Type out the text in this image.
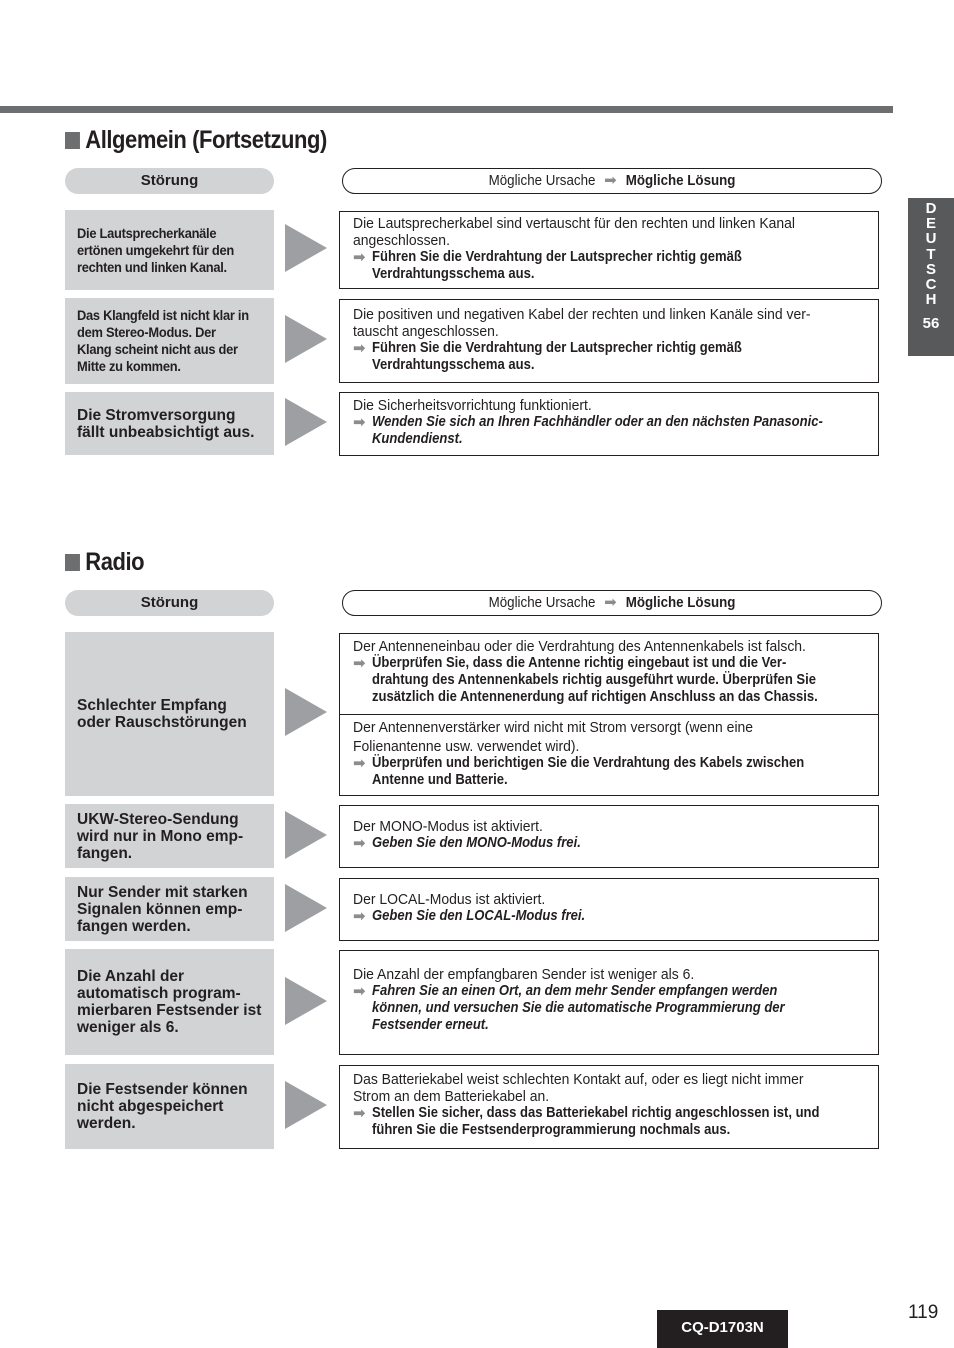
Allgemein (Fortsetzung)
Störung	Mögliche Ursache ➡ Mögliche Lösung
Die Lautsprecherkanäle ertönen umgekehrt für den rechten und linken Kanal.
Die Lautsprecherkabel sind vertauscht für den rechten und linken Kanal
angeschlossen.
➡ Führen Sie die Verdrahtung der Lautsprecher richtig gemäß
Verdrahtungsschema aus.
Das Klangfeld ist nicht klar in dem Stereo-Modus. Der Klang scheint nicht aus der Mitte zu kommen.
Die positiven und negativen Kabel der rechten und linken Kanäle sind ver-
tauscht angeschlossen.
➡ Führen Sie die Verdrahtung der Lautsprecher richtig gemäß
Verdrahtungsschema aus.
Die Stromversorgung fällt unbeabsichtigt aus.
Die Sicherheitsvorrichtung funktioniert.
➡ Wenden Sie sich an Ihren Fachhändler oder an den nächsten Panasonic-
Kundendienst.
Radio
Störung	Mögliche Ursache ➡ Mögliche Lösung
Schlechter Empfang oder Rauschstörungen
Der Antenneneinbau oder die Verdrahtung des Antennenkabels ist falsch.
➡ Überprüfen Sie, dass die Antenne richtig eingebaut ist und die Ver-
drahtung des Antennenkabels richtig ausgeführt wurde. Überprüfen Sie
zusätzlich die Antennenerdung auf richtigen Anschluss an das Chassis.
Der Antennenverstärker wird nicht mit Strom versorgt (wenn eine
Folienantenne usw. verwendet wird).
➡ Überprüfen und berichtigen Sie die Verdrahtung des Kabels zwischen
Antenne und Batterie.
UKW-Stereo-Sendung wird nur in Mono emp-fangen.
Der MONO-Modus ist aktiviert.
➡ Geben Sie den MONO-Modus frei.
Nur Sender mit starken Signalen können emp-fangen werden.
Der LOCAL-Modus ist aktiviert.
➡ Geben Sie den LOCAL-Modus frei.
Die Anzahl der automatisch program-mierbaren Festsender ist weniger als 6.
Die Anzahl der empfangbaren Sender ist weniger als 6.
➡ Fahren Sie an einen Ort, an dem mehr Sender empfangen werden
können, und versuchen Sie die automatische Programmierung der
Festsender erneut.
Die Festsender können nicht abgespeichert werden.
Das Batteriekabel weist schlechten Kontakt auf, oder es liegt nicht immer
Strom an dem Batteriekabel an.
➡ Stellen Sie sicher, dass das Batteriekabel richtig angeschlossen ist, und
führen Sie die Festsenderprogrammierung nochmals aus.
D
E
U
T
S
C
H
56
119
CQ-D1703N
